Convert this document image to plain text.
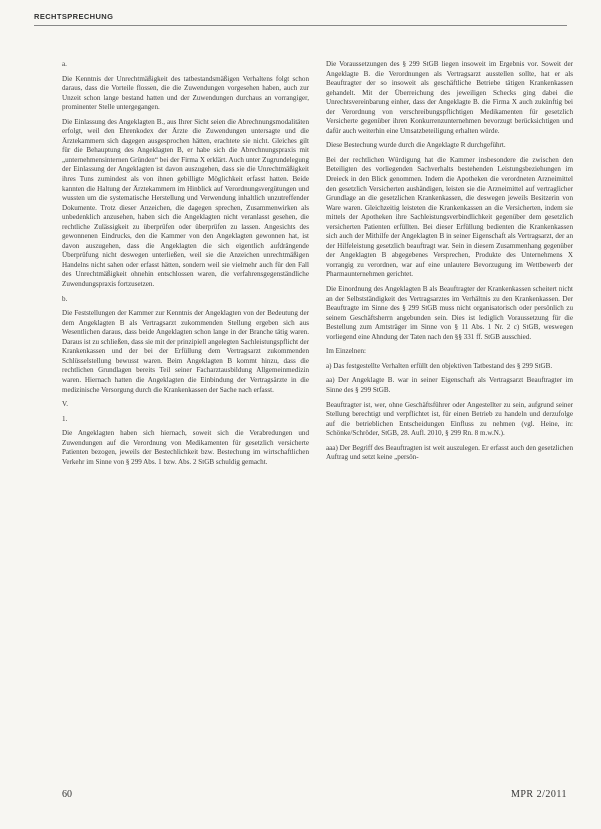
RECHTSPRECHUNG
a.

Die Kenntnis der Unrechtmäßigkeit des tatbestandsmäßigen Verhaltens folgt schon daraus, dass die Vorteile flossen, die die Zuwendungen vorgesehen haben, auch zur Unzeit schon lange bestand hatten und der Zuwendungen durchaus an vorrangiger, prominenter Stelle untergegangen.

Die Einlassung des Angeklagten B., aus Ihrer Sicht seien die Abrechnungsmodalitäten erfolgt, weil den Ehrenkodex der Ärzte die Zuwendungen untersagte und die Ärztekammern sich dagegen ausgesprochen hätten, erachtete sie nicht. Gleiches gilt für die Behauptung des Angeklagten B, er habe sich die Abrechnungspraxis mit „unternehmensinternen Gründen“ bei der Firma X erklärt. Auch unter Zugrundelegung der Einlassung der Angeklagten ist davon auszugehen, dass sie die Unrechtmäßigkeit ihres Tuns zumindest als von ihnen gebilligte Möglichkeit erfasst hatten. Beide kannten die Haltung der Ärztekammern im Hinblick auf Verordnungsvergütungen und wussten um die systematische Herstellung und Verwendung inhaltlich unzutreffender Dokumente. Trotz dieser Anzeichen, die dagegen sprechen, Zusammenwirken als unbedenklich anzusehen, haben sich die Angeklagten nicht veranlasst gesehen, die rechtliche Zulässigkeit zu überprüfen oder überprüfen zu lassen. Angesichts des gewonnenen Eindrucks, den die Kammer von den Angeklagten gewonnen hat, ist davon auszugehen, dass die Angeklagten die sich eigentlich aufdrängende Überprüfung nicht deswegen unterließen, weil sie die Anzeichen unrechtmäßigen Handelns nicht sahen oder erfasst hätten, sondern weil sie vielmehr auch für den Fall des Unrechtmäßigkeit ohnehin entschlossen waren, die verfahrensgegenständliche Zuwendungspraxis fortzusetzen.

b.

Die Feststellungen der Kammer zur Kenntnis der Angeklagten von der Bedeutung der dem Angeklagten B als Vertragsarzt zukommenden Stellung ergeben sich aus Wesentlichen daraus, dass beide Angeklagten schon lange in der Branche tätig waren. Daraus ist zu schließen, dass sie mit der prinzipiell angelegten Sachleistungspflicht der Krankenkassen und der bei der Erfüllung dem Vertragsarzt zukommenden Schlüsselstellung bewusst waren. Beim Angeklagten B kommt hinzu, dass die rechtlichen Grundlagen bereits Teil seiner Facharztausbildung Allgemeinmedizin waren. Hiernach hatten die Angeklagten die Einbindung der Vertragsärzte in die medizinische Versorgung durch die Krankenkassen der Sache nach erfasst.

V.
1.

Die Angeklagten haben sich hiernach, soweit sich die Verabredungen und Zuwendungen auf die Verordnung von Medikamenten für gesetzlich versicherte Patienten bezogen, jeweils der Bestechlichkeit bzw. Bestechung im wirtschaftlichen Verkehr im Sinne von § 299 Abs. 1 bzw. Abs. 2 StGB schuldig gemacht.

Die Voraussetzungen des § 299 StGB liegen insoweit im Ergebnis vor. Soweit der Angeklagte B. die Verordnungen als Vertragsarzt ausstellen sollte, hat er als Beauftragter der so insoweit als geschäftliche Betriebe tätigen Krankenkassen gehandelt. Mit der Überreichung des jeweiligen Schecks ging dabei die Unrechtsvereinbarung einher, dass der Angeklagte B. die Firma X auch zukünftig bei der Verordnung von verschreibungspflichtigen Medikamenten für gesetzlich Versicherte gegenüber ihren Konkurrenzunternehmen bevorzugt berücksichtigen und dafür auch weiterhin eine Umsatzbeteiligung erhalten würde.

Diese Bestechung wurde durch die Angeklagte R durchgeführt.

Bei der rechtlichen Würdigung hat die Kammer insbesondere die zwischen den Beteiligten des vorliegenden Sachverhalts bestehenden Leistungsbeziehungen im Dreieck in den Blick genommen. Indem die Apotheken die verordneten Arzneimittel den gesetzlich Versicherten aushändigen, leisten sie die Arzneimittel auf vertraglicher Grundlage an die gesetzlichen Krankenkassen, die deswegen jeweils Besitzerin von Ware waren. Gleichzeitig leisteten die Krankenkassen an die Versicherten, indem sie mittels der Apotheken ihre Sachleistungsverbindlichkeit gegenüber dem gesetzlich versicherten Patienten erfüllten. Bei dieser Erfüllung bedienten die Krankenkassen sich auch der Mithilfe der Angeklagten B in seiner Eigenschaft als Vertragsarzt, der an der Hilfeleistung gesetzlich beauftragt war. Sein in diesem Zusammenhang gegenüber der Angeklagten B abgegebenes Versprechen, Produkte des Unternehmens X vorrangig zu verordnen, war auf eine unlautere Bevorzugung im Wettbewerb der Pharmaunternehmen gerichtet.

Die Einordnung des Angeklagten B als Beauftragter der Krankenkassen scheitert nicht an der Selbstständigkeit des Vertragsarztes im Verhältnis zu den Krankenkassen. Der Beauftragte im Sinne des § 299 StGB muss nicht organisatorisch oder persönlich zu seinem Geschäftsherrn angebunden sein. Dies ist lediglich Voraussetzung für die Bestellung zum Amtsträger im Sinne von § 11 Abs. 1 Nr. 2 c) StGB, weswegen vorliegend eine Ahndung der Taten nach den §§ 331 ff. StGB ausschied.

Im Einzelnen:

a) Das festgestellte Verhalten erfüllt den objektiven Tatbestand des § 299 StGB.

aa) Der Angeklagte B. war in seiner Eigenschaft als Vertragsarzt Beauftragter im Sinne des § 299 StGB.

Beauftragter ist, wer, ohne Geschäftsführer oder Angestellter zu sein, aufgrund seiner Stellung berechtigt und verpflichtet ist, für einen Betrieb zu handeln und derzufolge auf die betrieblichen Entscheidungen Einfluss zu nehmen (vgl. Heine, in: Schönke/Schröder, StGB, 28. Aufl. 2010, § 299 Rn. 8 m.w.N.).

aaa) Der Begriff des Beauftragten ist weit auszulegen. Er erfasst auch den gesetzlichen Auftrag und setzt keine „persön-

60	MPR 2/2011
